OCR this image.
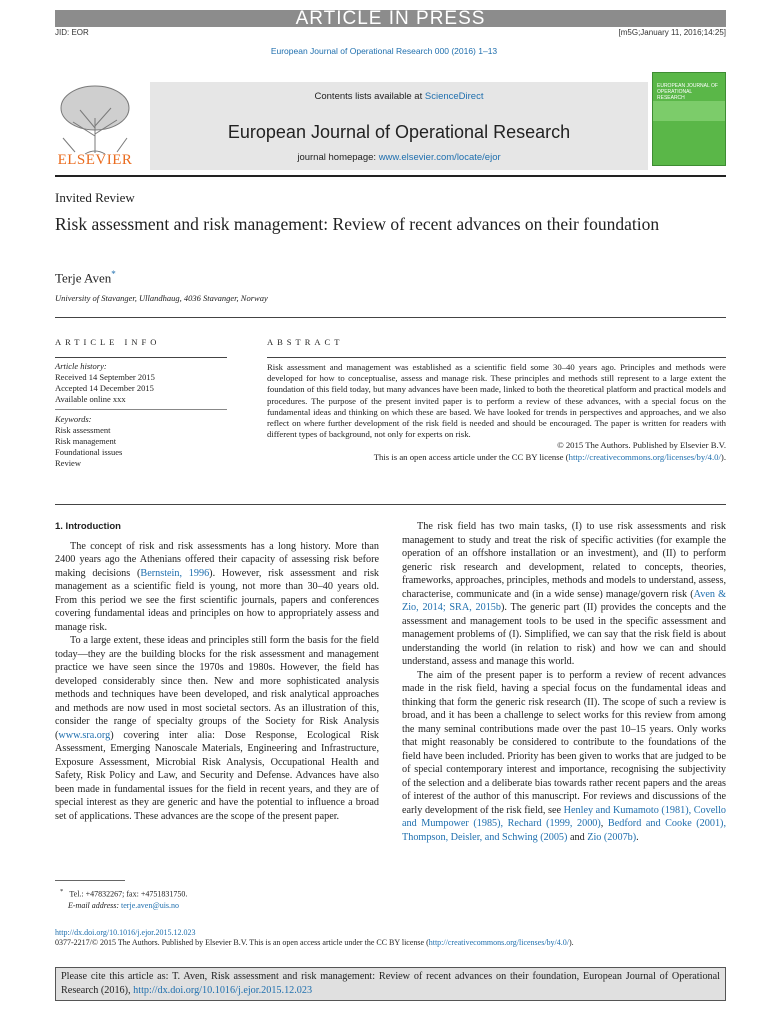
ARTICLE IN PRESS
JID: EOR	[m5G;January 11, 2016;14:25]
European Journal of Operational Research 000 (2016) 1–13
ELSEVIER
Contents lists available at ScienceDirect
European Journal of Operational Research
journal homepage: www.elsevier.com/locate/ejor
EUROPEAN JOURNAL OF OPERATIONAL RESEARCH
Invited Review
Risk assessment and risk management: Review of recent advances on their foundation
Terje Aven*
University of Stavanger, Ullandhaug, 4036 Stavanger, Norway
ARTICLE INFO	ABSTRACT
Article history:
Received 14 September 2015
Accepted 14 December 2015
Available online xxx
Keywords:
Risk assessment
Risk management
Foundational issues
Review
Risk assessment and management was established as a scientific field some 30–40 years ago. Principles and methods were developed for how to conceptualise, assess and manage risk. These principles and methods still represent to a large extent the foundation of this field today, but many advances have been made, linked to both the theoretical platform and practical models and procedures. The purpose of the present invited paper is to perform a review of these advances, with a special focus on the fundamental ideas and thinking on which these are based. We have looked for trends in perspectives and approaches, and we also reflect on where further development of the risk field is needed and should be encouraged. The paper is written for readers with different types of background, not only for experts on risk.
© 2015 The Authors. Published by Elsevier B.V.
This is an open access article under the CC BY license (http://creativecommons.org/licenses/by/4.0/).
1. Introduction

The concept of risk and risk assessments has a long history. More than 2400 years ago the Athenians offered their capacity of assessing risk before making decisions (Bernstein, 1996). However, risk assessment and risk management as a scientific field is young, not more than 30–40 years old. From this period we see the first scientific journals, papers and conferences covering fundamental ideas and principles on how to appropriately assess and manage risk.

To a large extent, these ideas and principles still form the basis for the field today—they are the building blocks for the risk assessment and management practice we have seen since the 1970s and 1980s. However, the field has developed considerably since then. New and more sophisticated analysis methods and techniques have been developed, and risk analytical approaches and methods are now used in most societal sectors. As an illustration of this, consider the range of specialty groups of the Society for Risk Analysis (www.sra.org) covering inter alia: Dose Response, Ecological Risk Assessment, Emerging Nanoscale Materials, Engineering and Infrastructure, Exposure Assessment, Microbial Risk Analysis, Occupational Health and Safety, Risk Policy and Law, and Security and Defense. Advances have also been made in fundamental issues for the field in recent years, and they are of special interest as they are generic and have the potential to influence a broad set of applications. These advances are the scope of the present paper.

The risk field has two main tasks, (I) to use risk assessments and risk management to study and treat the risk of specific activities (for example the operation of an offshore installation or an investment), and (II) to perform generic risk research and development, related to concepts, theories, frameworks, approaches, principles, methods and models to understand, assess, characterise, communicate and (in a wide sense) manage/govern risk (Aven & Zio, 2014; SRA, 2015b). The generic part (II) provides the concepts and the assessment and management tools to be used in the specific assessment and management problems of (I). Simplified, we can say that the risk field is about understanding the world (in relation to risk) and how we can and should understand, assess and manage this world.

The aim of the present paper is to perform a review of recent advances made in the risk field, having a special focus on the fundamental ideas and thinking that form the generic risk research (II). The scope of such a review is broad, and it has been a challenge to select works for this review from among the many seminal contributions made over the past 10–15 years. Only works that might reasonably be considered to contribute to the foundations of the field have been included. Priority has been given to works that are judged to be of special contemporary interest and importance, recognising the subjectivity of the selection and a deliberate bias towards rather recent papers and the areas of interest of the author of this manuscript. For reviews and discussions of the early development of the risk field, see Henley and Kumamoto (1981), Covello and Mumpower (1985), Rechard (1999, 2000), Bedford and Cooke (2001), Thompson, Deisler, and Schwing (2005) and Zio (2007b).

* Tel.: +47832267; fax: +4751831750.
E-mail address: terje.aven@uis.no
http://dx.doi.org/10.1016/j.ejor.2015.12.023
0377-2217/© 2015 The Authors. Published by Elsevier B.V. This is an open access article under the CC BY license (http://creativecommons.org/licenses/by/4.0/).
Please cite this article as: T. Aven, Risk assessment and risk management: Review of recent advances on their foundation, European Journal of Operational Research (2016), http://dx.doi.org/10.1016/j.ejor.2015.12.023
